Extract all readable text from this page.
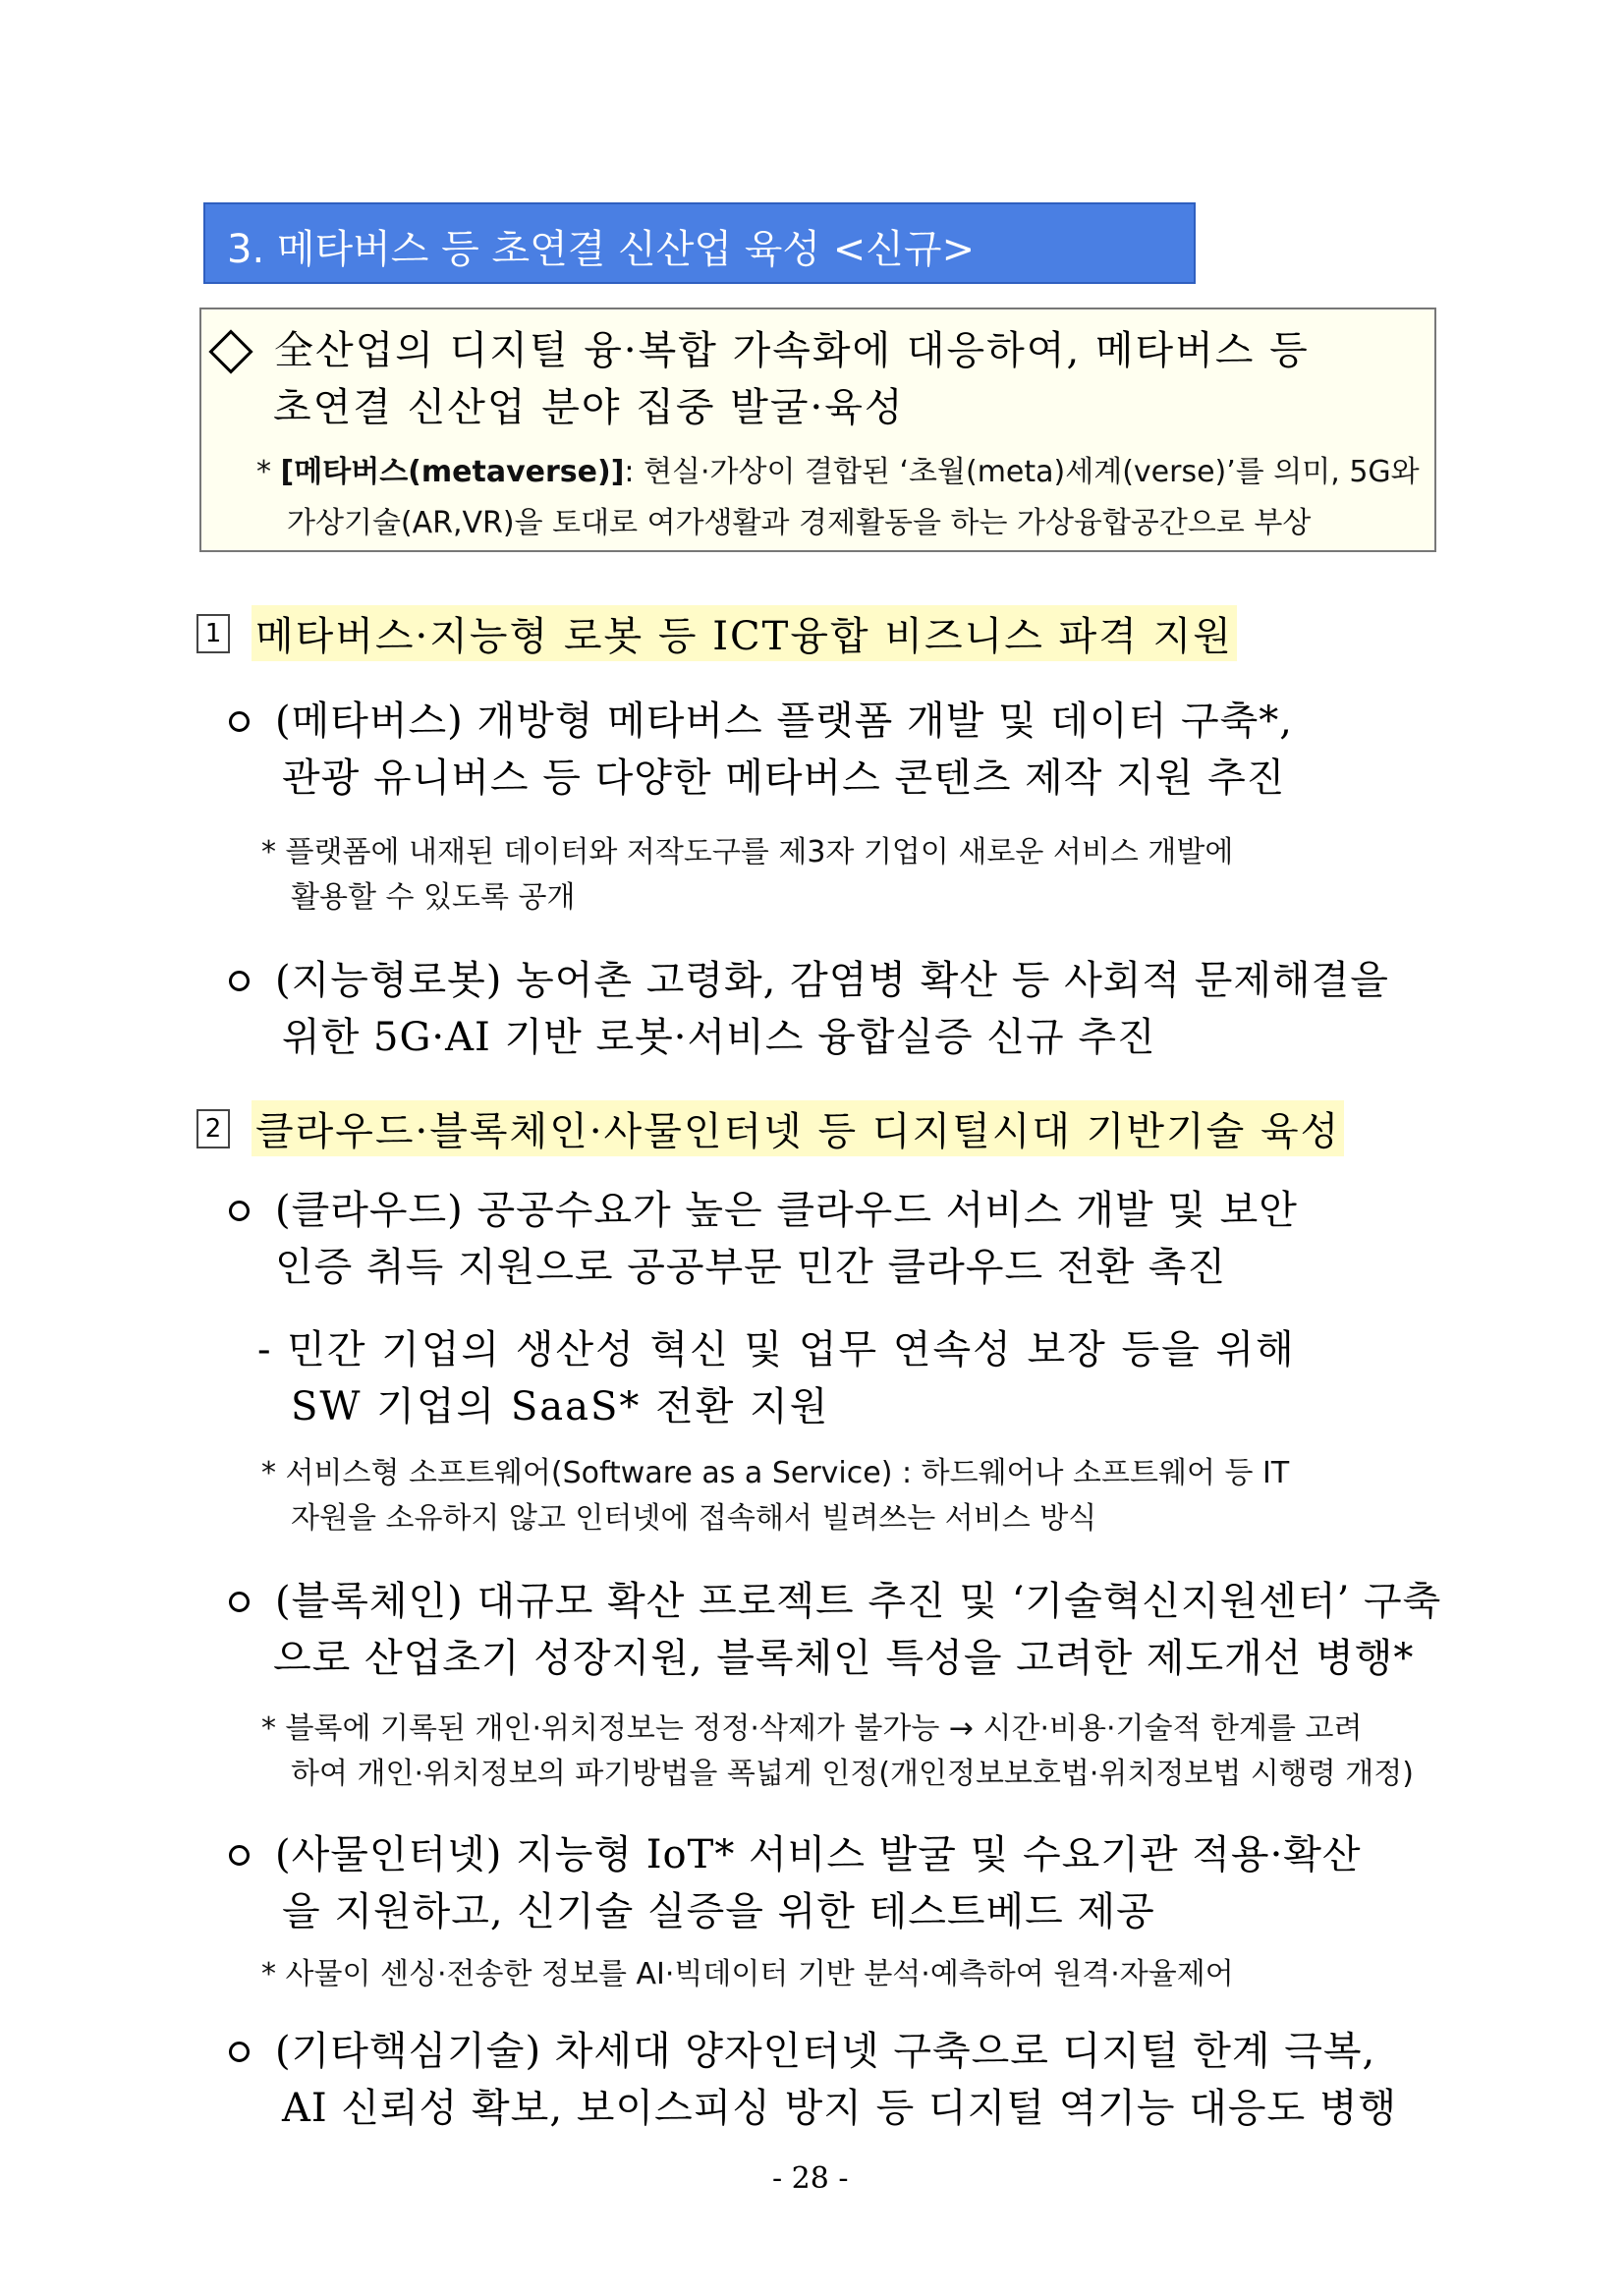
3. 메타버스 등 초연결 신산업 육성 <신규>
全산업의 디지털 융·복합 가속화에 대응하여, 메타버스 등
초연결 신산업 분야 집중 발굴·육성
* [메타버스(metaverse)]: 현실·가상이 결합된 ‘초월(meta)세계(verse)’를 의미, 5G와
가상기술(AR,VR)을 토대로 여가생활과 경제활동을 하는 가상융합공간으로 부상
1 메타버스·지능형 로봇 등 ICT융합 비즈니스 파격 지원
(메타버스) 개방형 메타버스 플랫폼 개발 및 데이터 구축*,
관광 유니버스 등 다양한 메타버스 콘텐츠 제작 지원 추진
* 플랫폼에 내재된 데이터와 저작도구를 제3자 기업이 새로운 서비스 개발에
활용할 수 있도록 공개
(지능형로봇) 농어촌 고령화, 감염병 확산 등 사회적 문제해결을
위한 5G·AI 기반 로봇·서비스 융합실증 신규 추진
2 클라우드·블록체인·사물인터넷 등 디지털시대 기반기술 육성
(클라우드) 공공수요가 높은 클라우드 서비스 개발 및 보안
인증 취득 지원으로 공공부문 민간 클라우드 전환 촉진
- 민간 기업의 생산성 혁신 및 업무 연속성 보장 등을 위해
SW 기업의 SaaS* 전환 지원
* 서비스형 소프트웨어(Software as a Service) : 하드웨어나 소프트웨어 등 IT
자원을 소유하지 않고 인터넷에 접속해서 빌려쓰는 서비스 방식
(블록체인) 대규모 확산 프로젝트 추진 및 ‘기술혁신지원센터’ 구축
으로 산업초기 성장지원, 블록체인 특성을 고려한 제도개선 병행*
* 블록에 기록된 개인·위치정보는 정정·삭제가 불가능 → 시간·비용·기술적 한계를 고려
하여 개인·위치정보의 파기방법을 폭넓게 인정(개인정보보호법·위치정보법 시행령 개정)
(사물인터넷) 지능형 IoT* 서비스 발굴 및 수요기관 적용·확산
을 지원하고, 신기술 실증을 위한 테스트베드 제공
* 사물이 센싱·전송한 정보를 AI·빅데이터 기반 분석·예측하여 원격·자율제어
(기타핵심기술) 차세대 양자인터넷 구축으로 디지털 한계 극복,
AI 신뢰성 확보, 보이스피싱 방지 등 디지털 역기능 대응도 병행
- 28 -
